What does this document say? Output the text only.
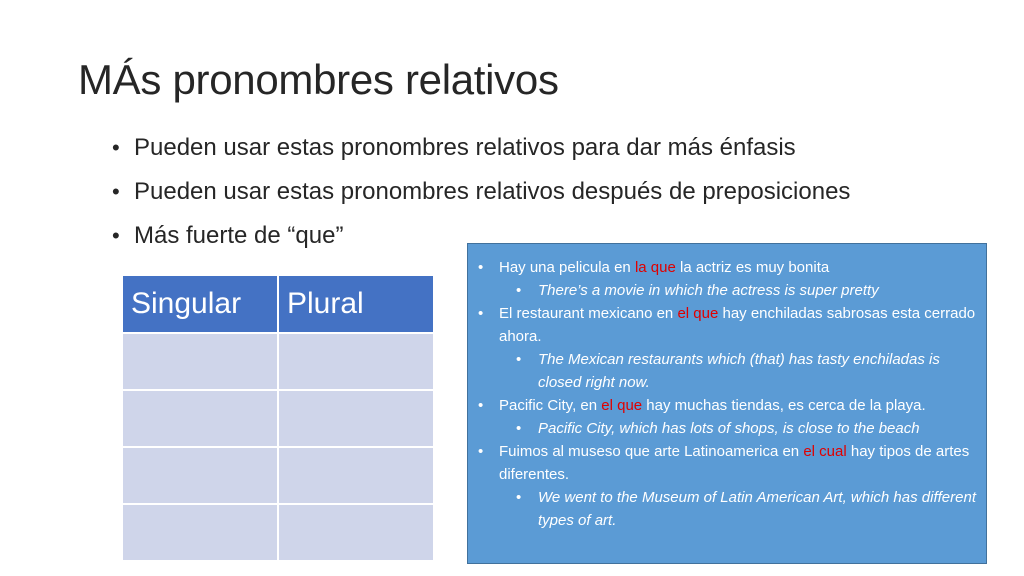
MÁs pronombres relativos
• Pueden usar estas pronombres relativos para dar más énfasis
• Pueden usar estas pronombres relativos después de preposiciones
• Más fuerte de “que”
Singular	Plural

• Hay una pelicula en la que la actriz es muy bonita
• There’s a movie in which the actress is super pretty
• El restaurant mexicano en el que hay enchiladas sabrosas esta cerrado ahora.
• The Mexican restaurants which (that) has tasty enchiladas is closed right now.
• Pacific City, en el que hay muchas tiendas, es cerca de la playa.
• Pacific City, which has lots of shops, is close to the beach
• Fuimos al museso que arte Latinoamerica en el cual hay tipos de artes diferentes.
• We went to the Museum of Latin American Art, which has different types of art.
